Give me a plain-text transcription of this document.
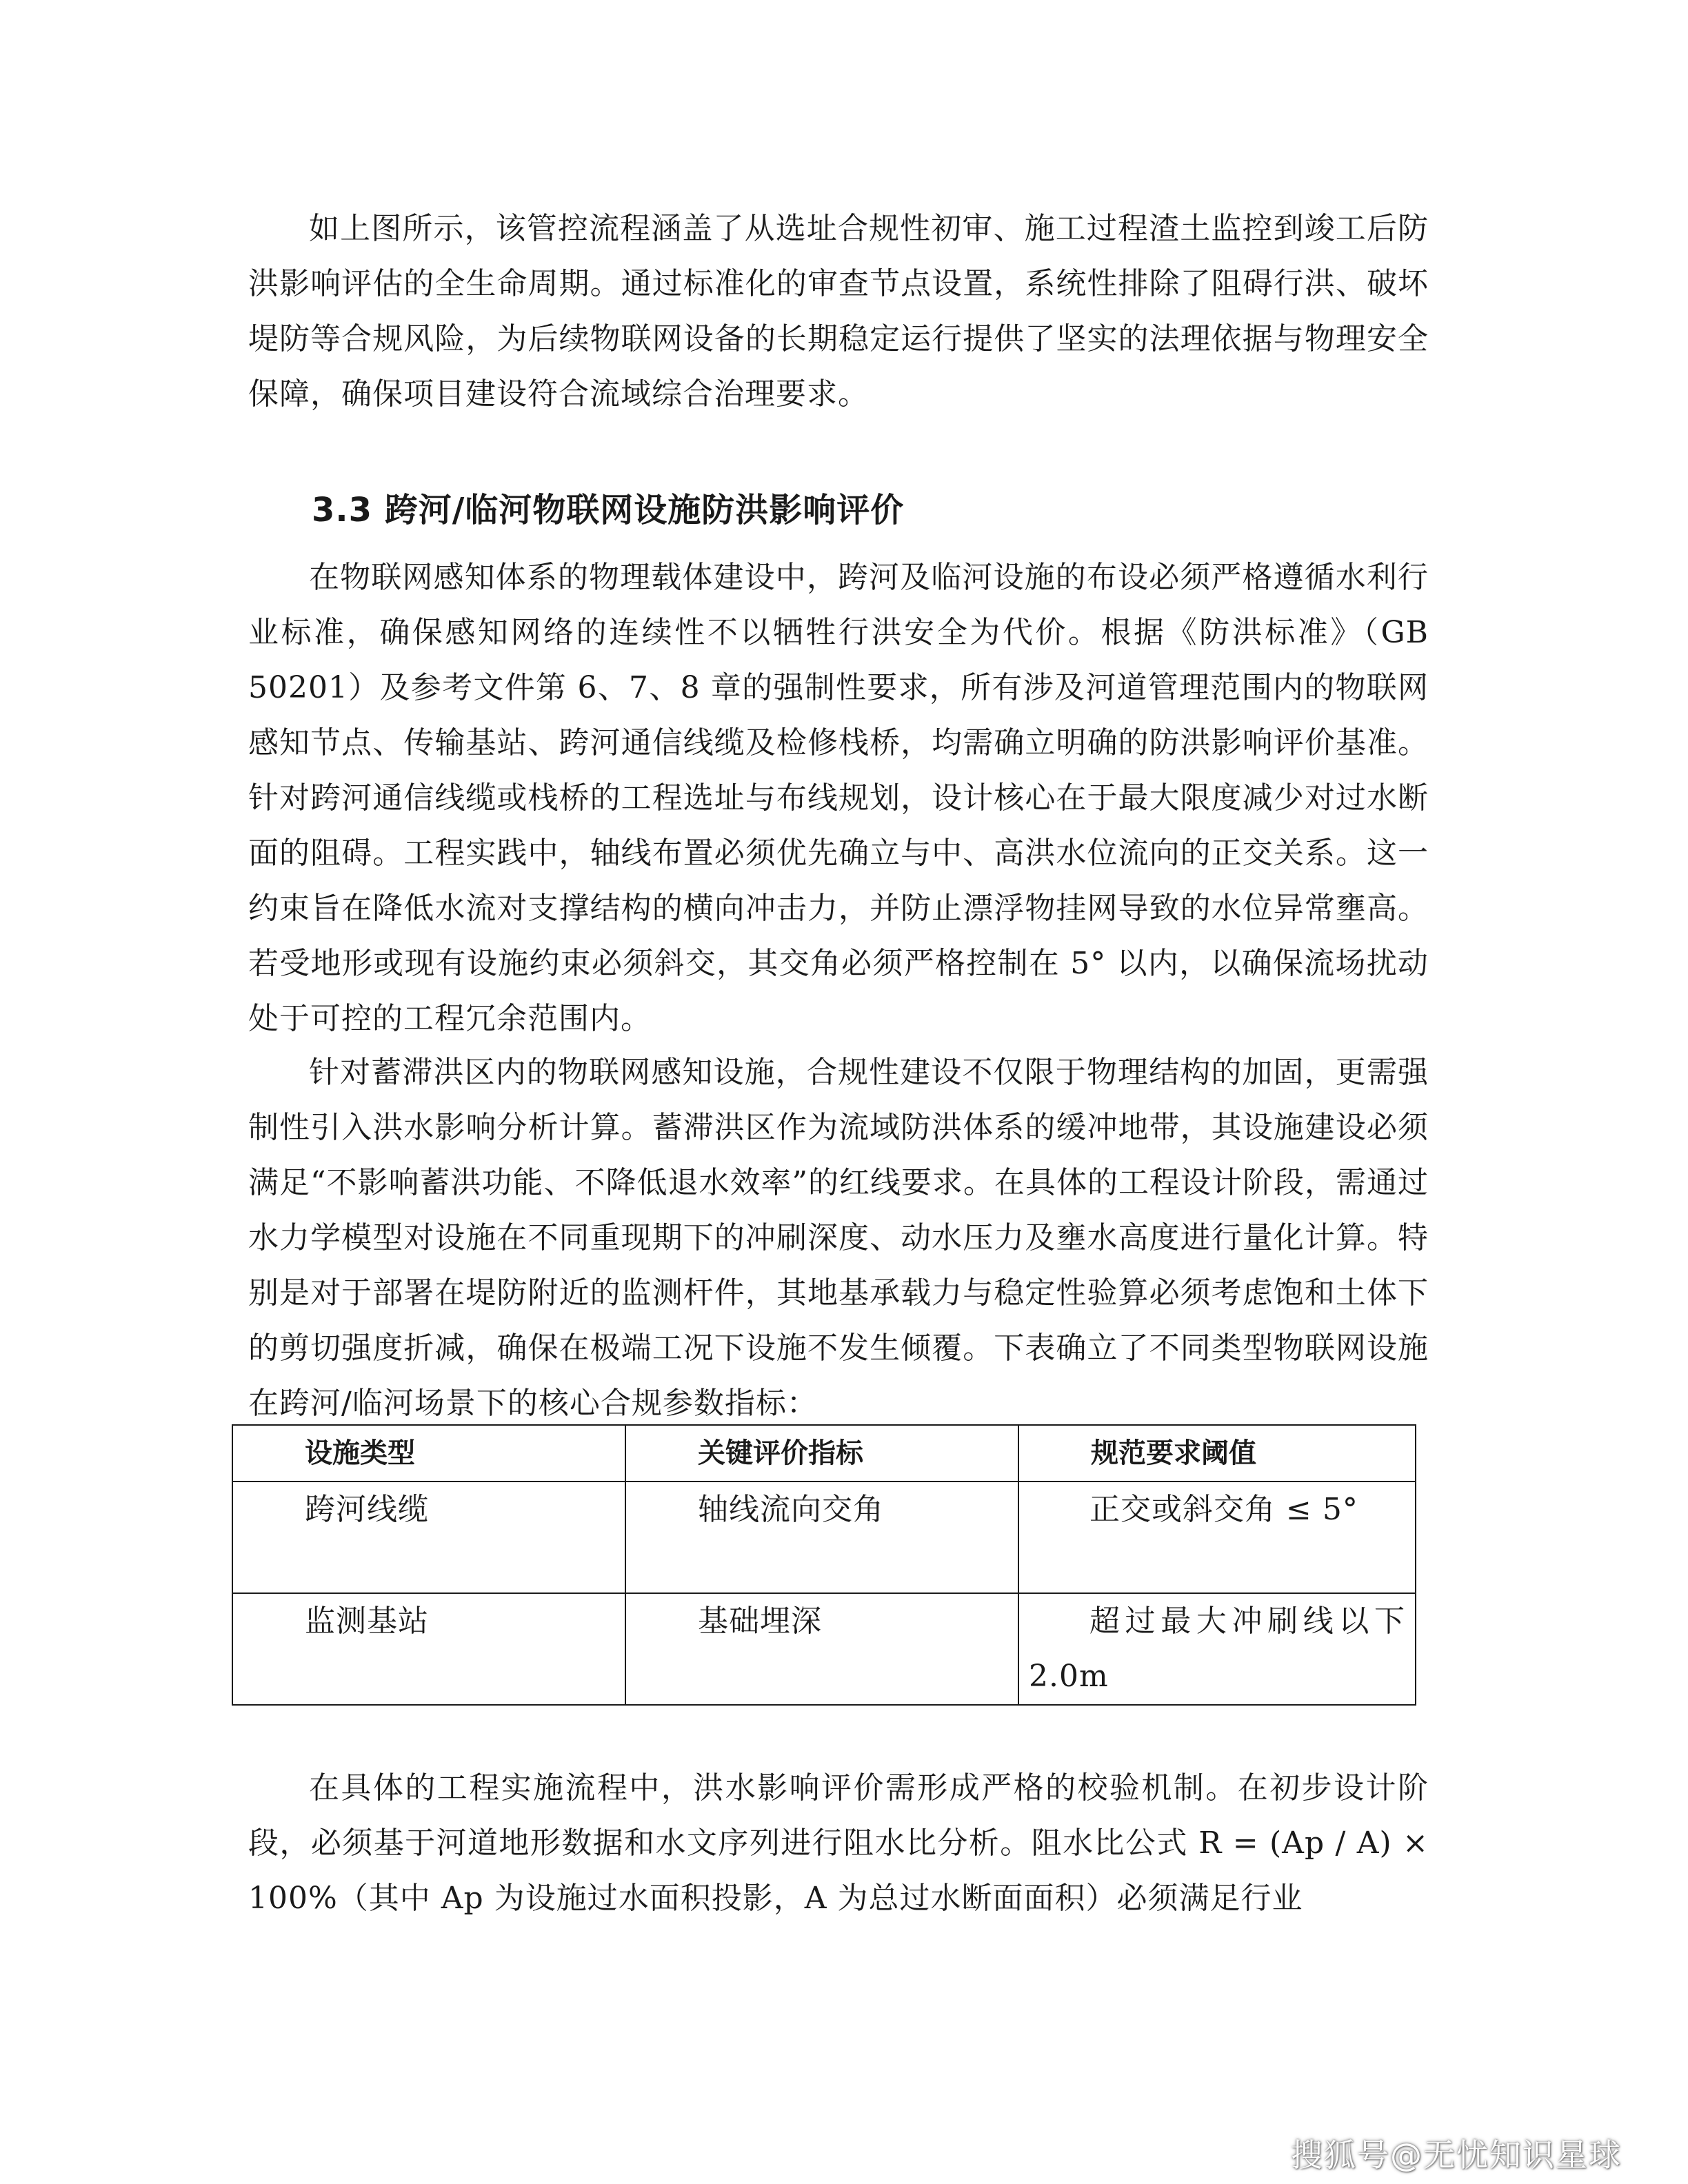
如上图所示，该管控流程涵盖了从选址合规性初审、施工过程渣土监控到竣工后防洪影响评估的全生命周期。通过标准化的审查节点设置，系统性排除了阻碍行洪、破坏堤防等合规风险，为后续物联网设备的长期稳定运行提供了坚实的法理依据与物理安全保障，确保项目建设符合流域综合治理要求。

3.3 跨河/临河物联网设施防洪影响评价

在物联网感知体系的物理载体建设中，跨河及临河设施的布设必须严格遵循水利行业标准，确保感知网络的连续性不以牺牲行洪安全为代价。根据《防洪标准》（GB 50201）及参考文件第 6、7、8 章的强制性要求，所有涉及河道管理范围内的物联网感知节点、传输基站、跨河通信线缆及检修栈桥，均需确立明确的防洪影响评价基准。针对跨河通信线缆或栈桥的工程选址与布线规划，设计核心在于最大限度减少对过水断面的阻碍。工程实践中，轴线布置必须优先确立与中、高洪水位流向的正交关系。这一约束旨在降低水流对支撑结构的横向冲击力，并防止漂浮物挂网导致的水位异常壅高。若受地形或现有设施约束必须斜交，其交角必须严格控制在 5° 以内，以确保流场扰动处于可控的工程冗余范围内。

针对蓄滞洪区内的物联网感知设施，合规性建设不仅限于物理结构的加固，更需强制性引入洪水影响分析计算。蓄滞洪区作为流域防洪体系的缓冲地带，其设施建设必须满足“不影响蓄洪功能、不降低退水效率”的红线要求。在具体的工程设计阶段，需通过水力学模型对设施在不同重现期下的冲刷深度、动水压力及壅水高度进行量化计算。特别是对于部署在堤防附近的监测杆件，其地基承载力与稳定性验算必须考虑饱和土体下的剪切强度折减，确保在极端工况下设施不发生倾覆。下表确立了不同类型物联网设施在跨河/临河场景下的核心合规参数指标：

设施类型	关键评价指标	规范要求阈值
跨河线缆	轴线流向交角	正交或斜交角 ≤ 5°
监测基站	基础埋深	超过最大冲刷线以下 2.0m

在具体的工程实施流程中，洪水影响评价需形成严格的校验机制。在初步设计阶段，必须基于河道地形数据和水文序列进行阻水比分析。阻水比公式 R = (Ap / A) × 100%（其中 Ap 为设施过水面积投影，A 为总过水断面面积）必须满足行业

搜狐号@无忧知识星球
